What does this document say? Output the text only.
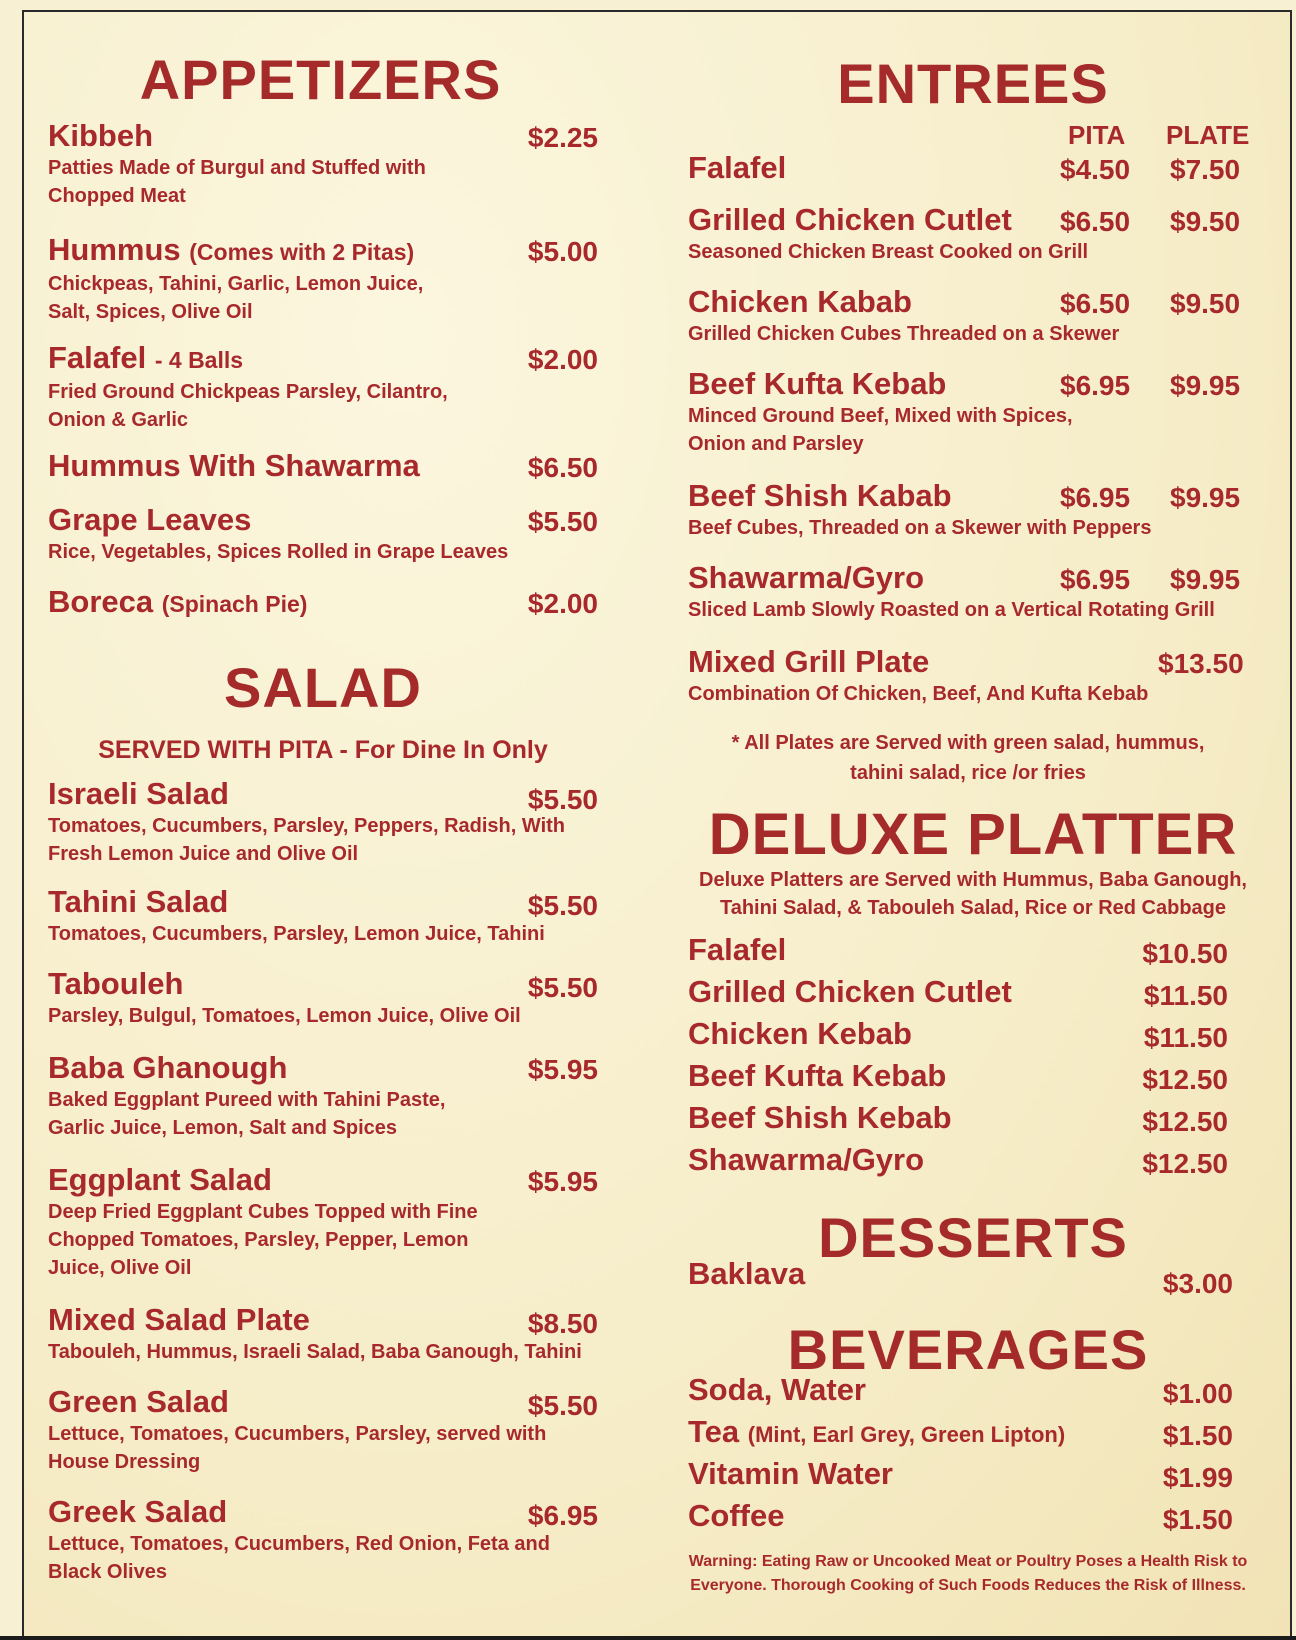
APPETIZERS
Kibbeh	$2.25
Patties Made of Burgul and Stuffed with Chopped Meat
Hummus (Comes with 2 Pitas)	$5.00
Chickpeas, Tahini, Garlic, Lemon Juice, Salt, Spices, Olive Oil
Falafel - 4 Balls	$2.00
Fried Ground Chickpeas Parsley, Cilantro, Onion & Garlic
Hummus With Shawarma	$6.50
Grape Leaves	$5.50
Rice, Vegetables, Spices Rolled in Grape Leaves
Boreca (Spinach Pie)	$2.00
SALAD
SERVED WITH PITA - For Dine In Only
Israeli Salad	$5.50
Tomatoes, Cucumbers, Parsley, Peppers, Radish, With Fresh Lemon Juice and Olive Oil
Tahini Salad	$5.50
Tomatoes, Cucumbers, Parsley, Lemon Juice, Tahini
Tabouleh	$5.50
Parsley, Bulgul, Tomatoes, Lemon Juice, Olive Oil
Baba Ghanough	$5.95
Baked Eggplant Pureed with Tahini Paste, Garlic Juice, Lemon, Salt and Spices
Eggplant Salad	$5.95
Deep Fried Eggplant Cubes Topped with Fine Chopped Tomatoes, Parsley, Pepper, Lemon Juice, Olive Oil
Mixed Salad Plate	$8.50
Tabouleh, Hummus, Israeli Salad, Baba Ganough, Tahini
Green Salad	$5.50
Lettuce, Tomatoes, Cucumbers, Parsley, served with House Dressing
Greek Salad	$6.95
Lettuce, Tomatoes, Cucumbers, Red Onion, Feta and Black Olives
ENTREES
PITA PLATE
Falafel	$4.50 $7.50
Grilled Chicken Cutlet	$6.50 $9.50
Seasoned Chicken Breast Cooked on Grill
Chicken Kabab	$6.50 $9.50
Grilled Chicken Cubes Threaded on a Skewer
Beef Kufta Kebab	$6.95 $9.95
Minced Ground Beef, Mixed with Spices, Onion and Parsley
Beef Shish Kabab	$6.95 $9.95
Beef Cubes, Threaded on a Skewer with Peppers
Shawarma/Gyro	$6.95 $9.95
Sliced Lamb Slowly Roasted on a Vertical Rotating Grill
Mixed Grill Plate	$13.50
Combination Of Chicken, Beef, And Kufta Kebab
* All Plates are Served with green salad, hummus, tahini salad, rice /or fries
DELUXE PLATTER
Deluxe Platters are Served with Hummus, Baba Ganough, Tahini Salad, & Tabouleh Salad, Rice or Red Cabbage
Falafel	$10.50
Grilled Chicken Cutlet	$11.50
Chicken Kebab	$11.50
Beef Kufta Kebab	$12.50
Beef Shish Kebab	$12.50
Shawarma/Gyro	$12.50
DESSERTS
Baklava	$3.00
BEVERAGES
Soda, Water	$1.00
Tea (Mint, Earl Grey, Green Lipton)	$1.50
Vitamin Water	$1.99
Coffee	$1.50
Warning: Eating Raw or Uncooked Meat or Poultry Poses a Health Risk to Everyone. Thorough Cooking of Such Foods Reduces the Risk of Illness.
